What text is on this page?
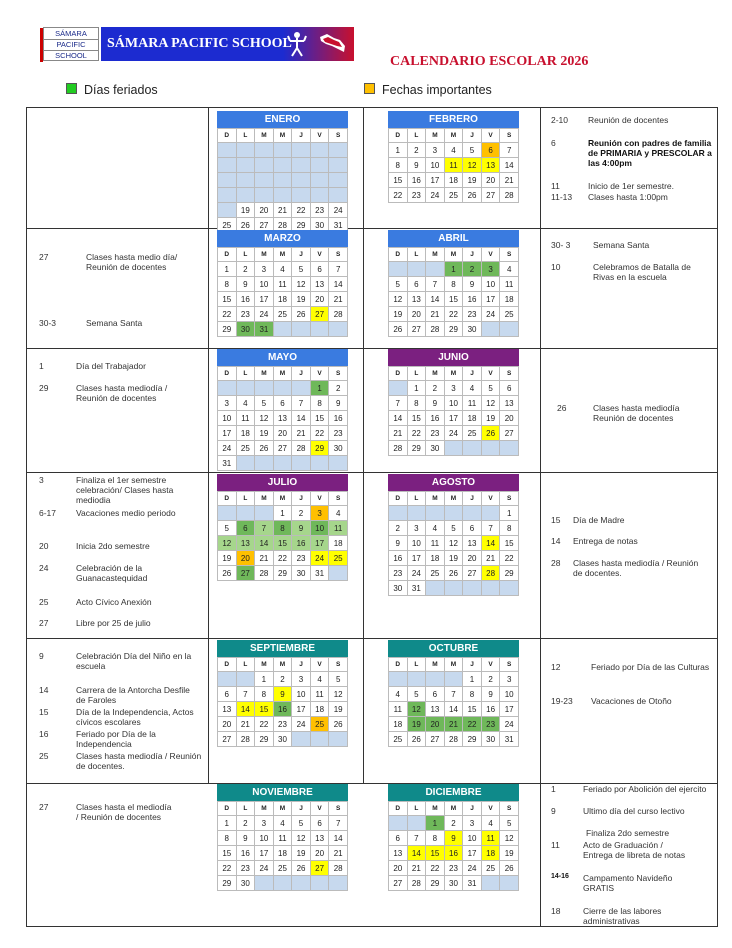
SÁMARA
PACIFIC
SCHOOL
SÁMARA PACIFIC SCHOOL
CALENDARIO ESCOLAR 2026
Días feriados	Fechas importantes
ENERO
D	L	M	M	J	V	S

	19	20	21	22	23	24
25	26	27	28	29	30	31
FEBRERO
D	L	M	M	J	V	S
1	2	3	4	5	6	7
8	9	10	11	12	13	14
15	16	17	18	19	20	21
22	23	24	25	26	27	28
MARZO
D	L	M	M	J	V	S
1	2	3	4	5	6	7
8	9	10	11	12	13	14
15	16	17	18	19	20	21
22	23	24	25	26	27	28
29	30	31				
ABRIL
D	L	M	M	J	V	S
			1	2	3	4
5	6	7	8	9	10	11
12	13	14	15	16	17	18
19	20	21	22	23	24	25
26	27	28	29	30		
MAYO
D	L	M	M	J	V	S
					1	2
3	4	5	6	7	8	9
10	11	12	13	14	15	16
17	18	19	20	21	22	23
24	25	26	27	28	29	30
31						
JUNIO
D	L	M	M	J	V	S
	1	2	3	4	5	6
7	8	9	10	11	12	13
14	15	16	17	18	19	20
21	22	23	24	25	26	27
28	29	30				
JULIO
D	L	M	M	J	V	S
			1	2	3	4
5	6	7	8	9	10	11
12	13	14	15	16	17	18
19	20	21	22	23	24	25
26	27	28	29	30	31	
AGOSTO
D	L	M	M	J	V	S
						1
2	3	4	5	6	7	8
9	10	11	12	13	14	15
16	17	18	19	20	21	22
23	24	25	26	27	28	29
30	31					
SEPTIEMBRE
D	L	M	M	J	V	S
		1	2	3	4	5
6	7	8	9	10	11	12
13	14	15	16	17	18	19
20	21	22	23	24	25	26
27	28	29	30			
OCTUBRE
D	L	M	M	J	V	S
				1	2	3
4	5	6	7	8	9	10
11	12	13	14	15	16	17
18	19	20	21	22	23	24
25	26	27	28	29	30	31
NOVIEMBRE
D	L	M	M	J	V	S
1	2	3	4	5	6	7
8	9	10	11	12	13	14
15	16	17	18	19	20	21
22	23	24	25	26	27	28
29	30					
DICIEMBRE
D	L	M	M	J	V	S
		1	2	3	4	5
6	7	8	9	10	11	12
13	14	15	16	17	18	19
20	21	22	23	24	25	26
27	28	29	30	31		
2-10 Reunión de docentes
6	Reunión con padres de familia de PRIMARIA y PRESCOLAR a las 4:00pm
11	Inicio de 1er semestre.
11-13 Clases hasta 1:00pm
27	Clases hasta medio día/ Reunión de docentes
30-3	Semana Santa
30- 3	Semana Santa
10	Celebramos de Batalla de Rivas en la escuela
1	Día del Trabajador
29	Clases hasta mediodía / Reunión de docentes
26	Clases hasta mediodía Reunión de docentes
3	Finaliza el 1er semestre celebración/ Clases hasta mediodia
6-17 Vacaciones medio periodo
20	Inicia 2do semestre
24	Celebración de la Guanacastequidad
25	Acto Cívico Anexión
27	Libre por 25 de julio
15 Día de Madre
14 Entrega de notas
28 Clases hasta mediodía / Reunión de docentes.
9	Celebración Día del Niño en la escuela
14	Carrera de la Antorcha Desfile de Faroles
15	Día de la Independencia, Actos cívicos escolares
16	Feriado por Día de la Independencia
25	Clases hasta mediodía / Reunión de docentes.
12	Feriado por Día de las Culturas
19-23 Vacaciones de Otoño
27	Clases hasta el mediodía / Reunión de docentes
1	Feriado por Abolición del ejercito
9	Ultimo día del curso lectivo
Finaliza 2do semestre
11	Acto de Graduación / Entrega de libreta de notas
14-16 Campamento Navideño GRATIS
18	Cierre de las labores administrativas
